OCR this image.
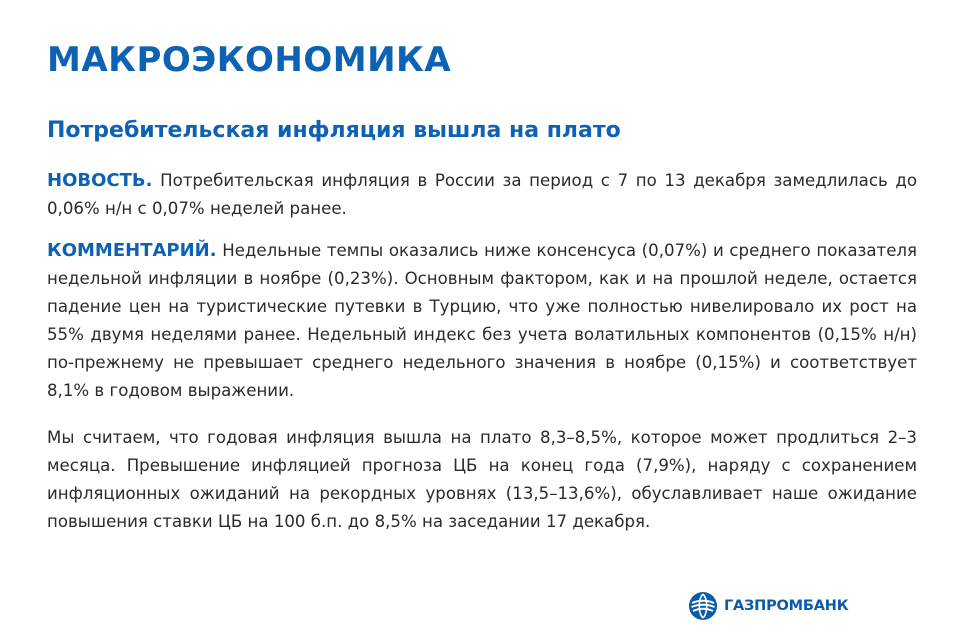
МАКРОЭКОНОМИКА
Потребительская инфляция вышла на плато

НОВОСТЬ. Потребительская инфляция в России за период с 7 по 13 декабря замедлилась до 0,06% н/н с 0,07% неделей ранее.

КОММЕНТАРИЙ. Недельные темпы оказались ниже консенсуса (0,07%) и среднего показателя недельной инфляции в ноябре (0,23%). Основным фактором, как и на прошлой неделе, остается падение цен на туристические путевки в Турцию, что уже полностью нивелировало их рост на 55% двумя неделями ранее. Недельный индекс без учета волатильных компонентов (0,15% н/н) по-прежнему не превышает среднего недельного значения в ноябре (0,15%) и соответствует 8,1% в годовом выражении.

Мы считаем, что годовая инфляция вышла на плато 8,3–8,5%, которое может продлиться 2–3 месяца. Превышение инфляцией прогноза ЦБ на конец года (7,9%), наряду с сохранением инфляционных ожиданий на рекордных уровнях (13,5–13,6%), обуславливает наше ожидание повышения ставки ЦБ на 100 б.п. до 8,5% на заседании 17 декабря.

ГАЗПРОМБАНК
